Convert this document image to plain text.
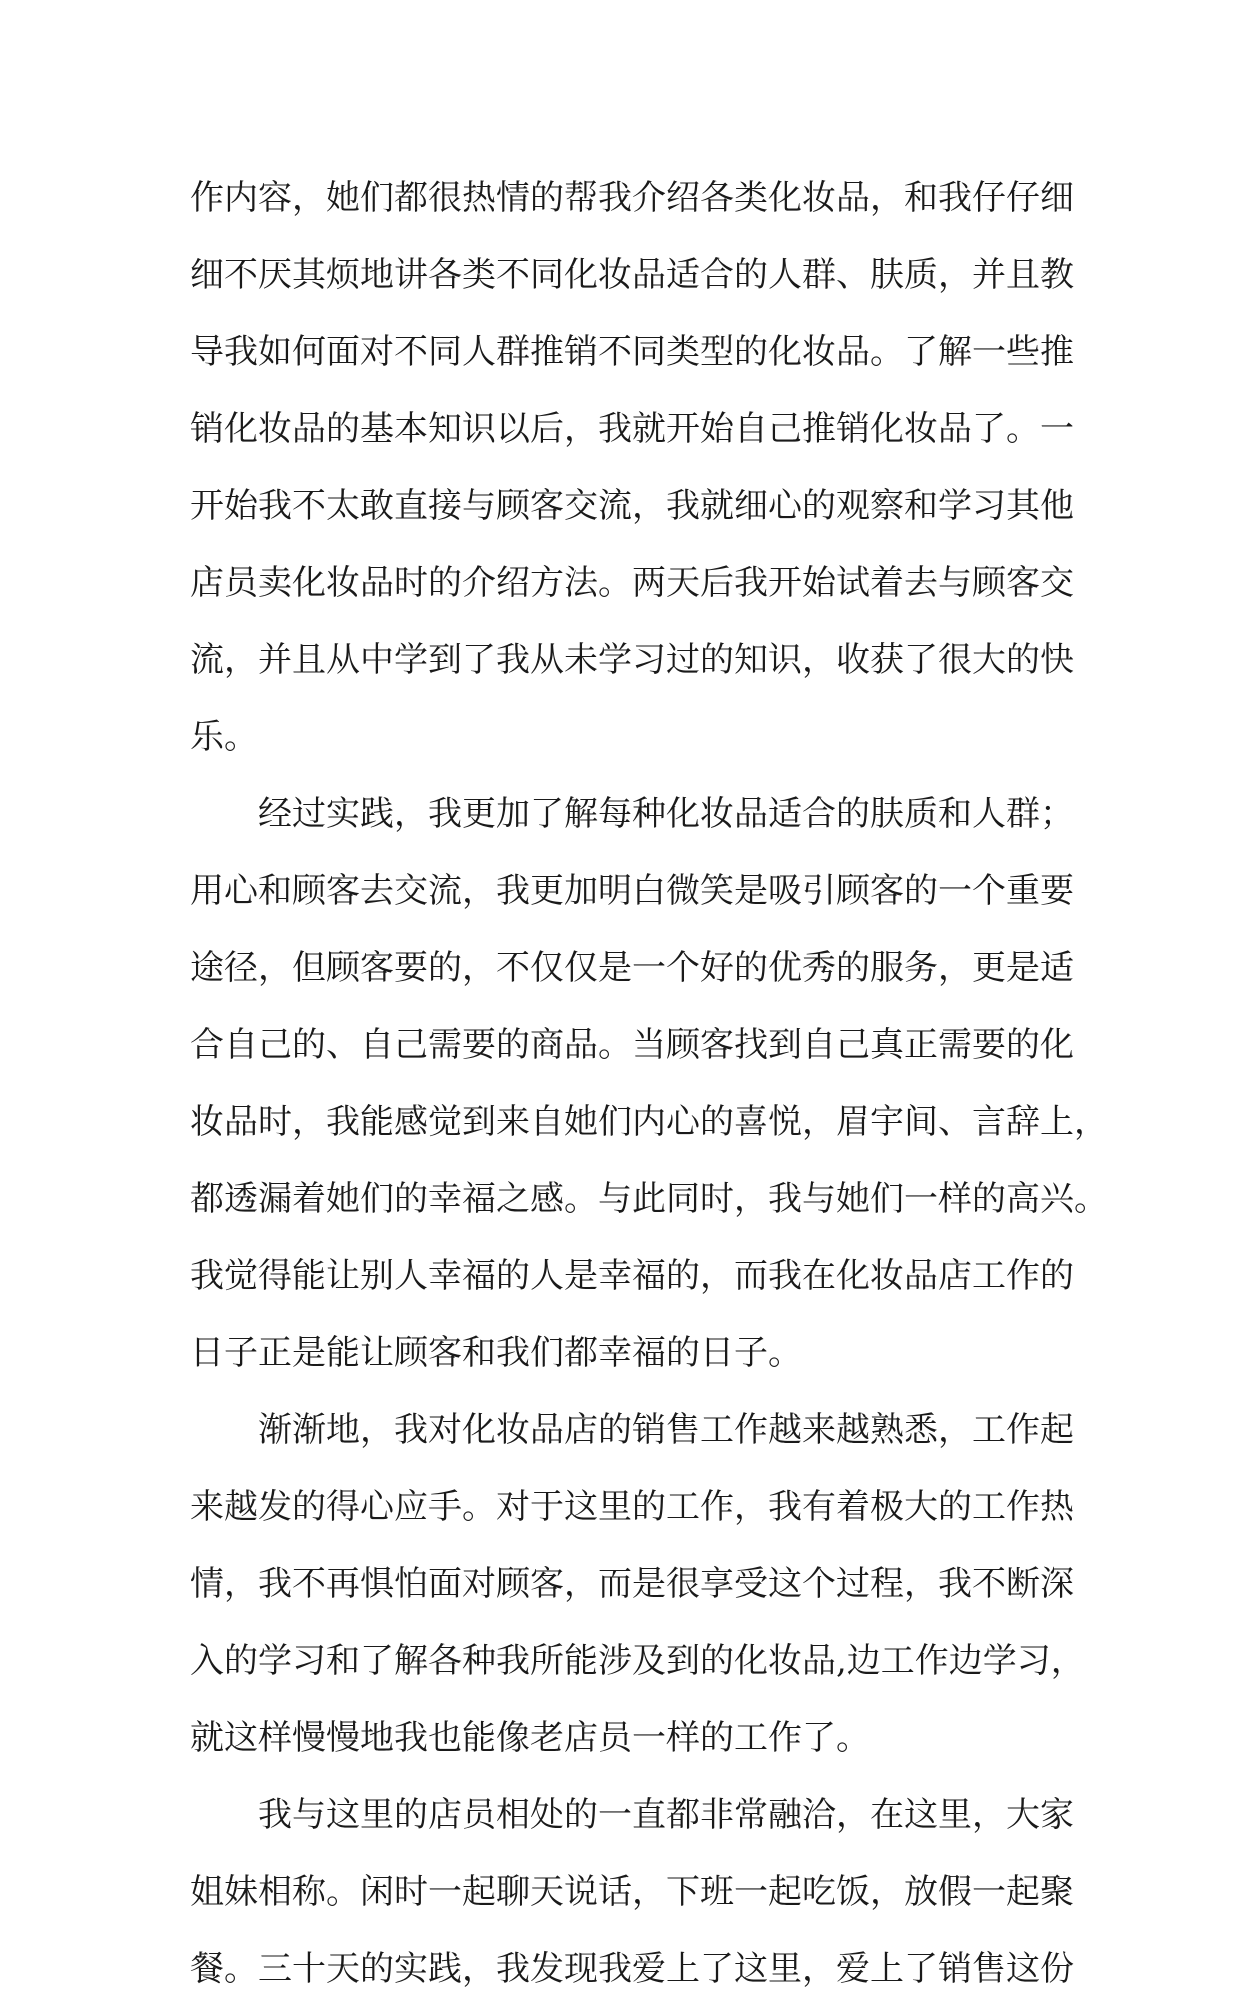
作内容，她们都很热情的帮我介绍各类化妆品，和我仔仔细
细不厌其烦地讲各类不同化妆品适合的人群、肤质，并且教
导我如何面对不同人群推销不同类型的化妆品。了解一些推
销化妆品的基本知识以后，我就开始自己推销化妆品了。一
开始我不太敢直接与顾客交流，我就细心的观察和学习其他
店员卖化妆品时的介绍方法。两天后我开始试着去与顾客交
流，并且从中学到了我从未学习过的知识，收获了很大的快
乐。
经过实践，我更加了解每种化妆品适合的肤质和人群；
用心和顾客去交流，我更加明白微笑是吸引顾客的一个重要
途径，但顾客要的，不仅仅是一个好的优秀的服务，更是适
合自己的、自己需要的商品。当顾客找到自己真正需要的化
妆品时，我能感觉到来自她们内心的喜悦，眉宇间、言辞上，
都透漏着她们的幸福之感。与此同时，我与她们一样的高兴。
我觉得能让别人幸福的人是幸福的，而我在化妆品店工作的
日子正是能让顾客和我们都幸福的日子。
渐渐地，我对化妆品店的销售工作越来越熟悉，工作起
来越发的得心应手。对于这里的工作，我有着极大的工作热
情，我不再惧怕面对顾客，而是很享受这个过程，我不断深
入的学习和了解各种我所能涉及到的化妆品,边工作边学习，
就这样慢慢地我也能像老店员一样的工作了。
我与这里的店员相处的一直都非常融洽，在这里，大家
姐妹相称。闲时一起聊天说话，下班一起吃饭，放假一起聚
餐。三十天的实践，我发现我爱上了这里，爱上了销售这份
